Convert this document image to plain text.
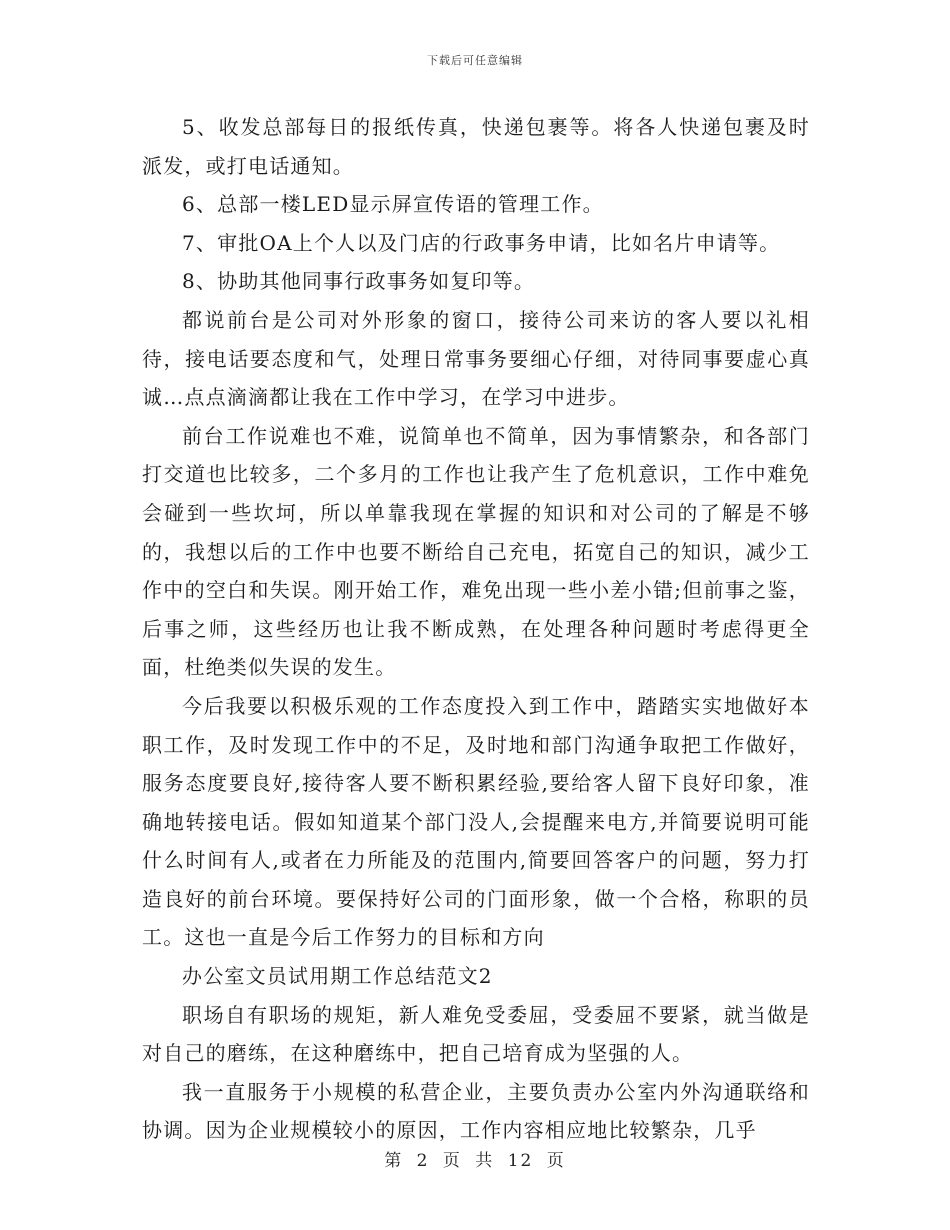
下载后可任意编辑

5、收发总部每日的报纸传真，快递包裹等。将各人快递包裹及时派发，或打电话通知。

6、总部一楼LED显示屏宣传语的管理工作。

7、审批OA上个人以及门店的行政事务申请，比如名片申请等。

8、协助其他同事行政事务如复印等。

都说前台是公司对外形象的窗口，接待公司来访的客人要以礼相待，接电话要态度和气，处理日常事务要细心仔细，对待同事要虚心真诚…点点滴滴都让我在工作中学习，在学习中进步。

前台工作说难也不难，说简单也不简单，因为事情繁杂，和各部门打交道也比较多，二个多月的工作也让我产生了危机意识，工作中难免会碰到一些坎坷，所以单靠我现在掌握的知识和对公司的了解是不够的，我想以后的工作中也要不断给自己充电，拓宽自己的知识，减少工作中的空白和失误。刚开始工作，难免出现一些小差小错;但前事之鉴，后事之师，这些经历也让我不断成熟，在处理各种问题时考虑得更全面，杜绝类似失误的发生。

今后我要以积极乐观的工作态度投入到工作中，踏踏实实地做好本职工作，及时发现工作中的不足，及时地和部门沟通争取把工作做好，服务态度要良好,接待客人要不断积累经验,要给客人留下良好印象，准确地转接电话。假如知道某个部门没人,会提醒来电方,并简要说明可能什么时间有人,或者在力所能及的范围内,简要回答客户的问题，努力打造良好的前台环境。要保持好公司的门面形象，做一个合格，称职的员工。这也一直是今后工作努力的目标和方向

办公室文员试用期工作总结范文2

职场自有职场的规矩，新人难免受委屈，受委屈不要紧，就当做是对自己的磨练，在这种磨练中，把自己培育成为坚强的人。

我一直服务于小规模的私营企业，主要负责办公室内外沟通联络和协调。因为企业规模较小的原因，工作内容相应地比较繁杂，几乎

第 2 页 共 12 页
